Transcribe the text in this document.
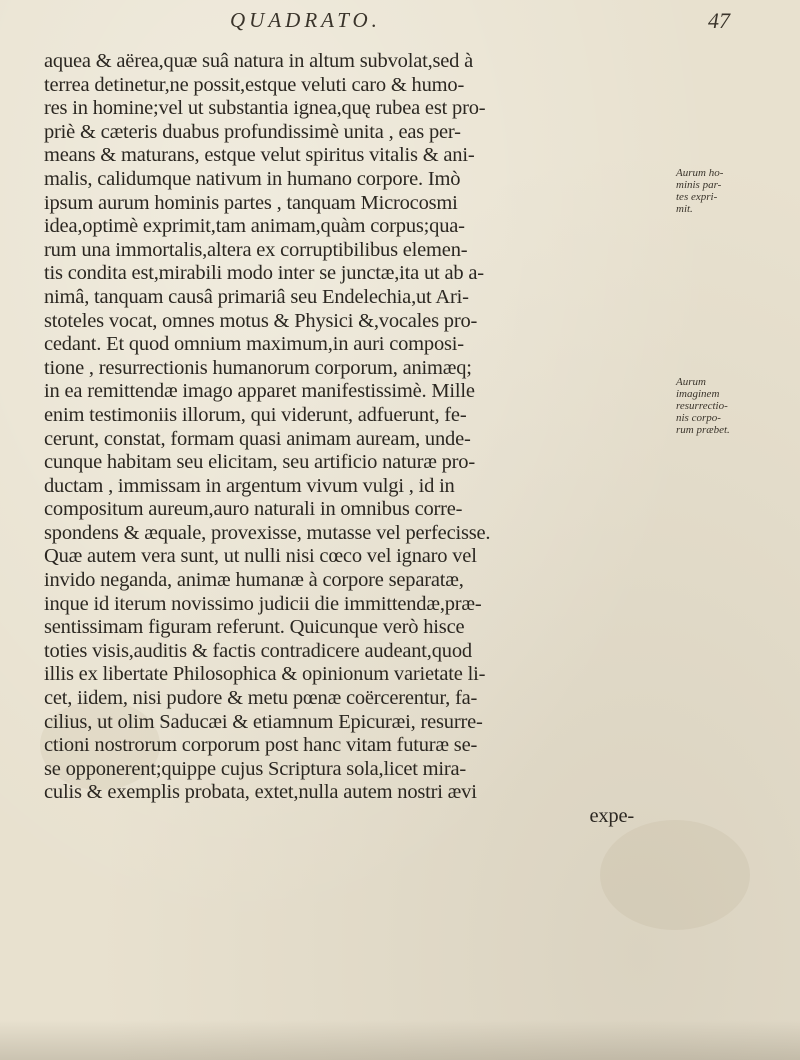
QUADRATO.	47
aquea & aërea,quæ suâ natura in altum subvolat,sed à
terrea detinetur,ne possit,estque veluti caro & humo-
res in homine;vel ut substantia ignea,quę rubea est pro-
priè & cæteris duabus profundissimè unita , eas per-
means & maturans, estque velut spiritus vitalis & ani-
malis, calidumque nativum in humano corpore. Imò
ipsum aurum hominis partes , tanquam Microcosmi
idea,optimè exprimit,tam animam,quàm corpus;qua-
rum una immortalis,altera ex corruptibilibus elemen-
tis condita est,mirabili modo inter se junctæ,ita ut ab a-
nimâ, tanquam causâ primariâ seu Endelechia,ut Ari-
stoteles vocat, omnes motus & Physici &,vocales pro-
cedant. Et quod omnium maximum,in auri composi-
tione , resurrectionis humanorum corporum, animæq;
in ea remittendæ imago apparet manifestissimè. Mille
enim testimoniis illorum, qui viderunt, adfuerunt, fe-
cerunt, constat, formam quasi animam auream, unde-
cunque habitam seu elicitam, seu artificio naturæ pro-
ductam , immissam in argentum vivum vulgi , id in
compositum aureum,auro naturali in omnibus corre-
spondens & æquale, provexisse, mutasse vel perfecisse.
Quæ autem vera sunt, ut nulli nisi cœco vel ignaro vel
invido neganda, animæ humanæ à corpore separatæ,
inque id iterum novissimo judicii die immittendæ,præ-
sentissimam figuram referunt. Quicunque verò hisce
toties visis,auditis & factis contradicere audeant,quod
illis ex libertate Philosophica & opinionum varietate li-
cet, iidem, nisi pudore & metu pœnæ coërcerentur, fa-
cilius, ut olim Saducæi & etiamnum Epicuræi, resurre-
ctioni nostrorum corporum post hanc vitam futuræ se-
se opponerent;quippe cujus Scriptura sola,licet mira-
culis & exemplis probata, extet,nulla autem nostri ævi
expe-
Aurum ho-
minis par-
tes expri-
mit.
Aurum
imaginem
resurrectio-
nis corpo-
rum præbet.
